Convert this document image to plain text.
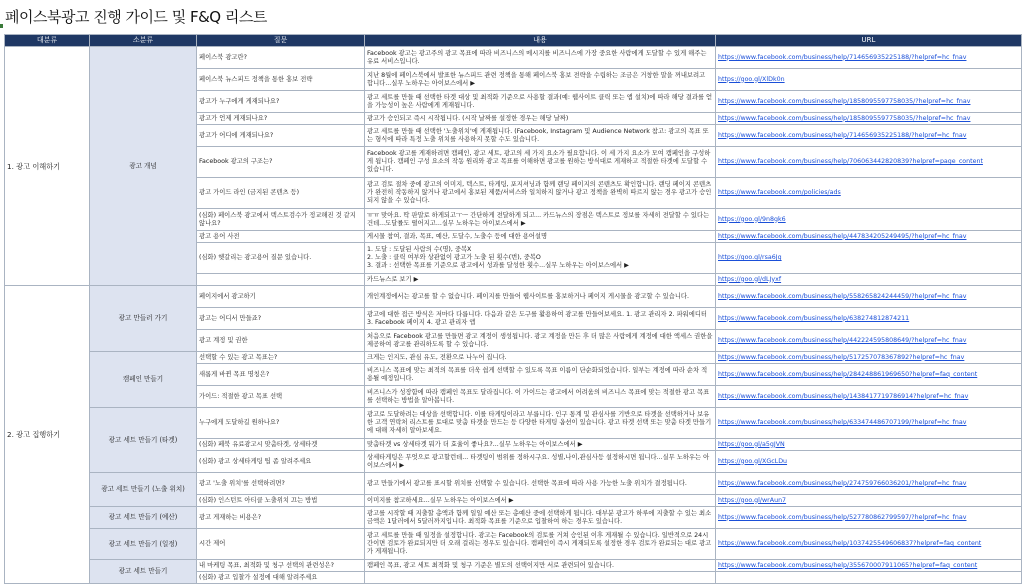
페이스북광고 진행 가이드 및 F&Q 리스트
대분류	소분류	질문	내용	URL
1. 광고 이해하기	광고 개념	페이스북 광고란?	Facebook 광고는 광고주의 광고 목표에 따라 비즈니스의 메시지를 비즈니스에 가장 중요한 사람에게 도달할 수 있게 해주는 유료 서비스입니다.	https://www.facebook.com/business/help/714656935225188/?helpref=hc_fnav
		페이스북 뉴스피드 정책을 통한 홍보 전략	지난 8월에 페이스북에서 발표한 뉴스피드 관련 정책을 통해 페이스북 홍보 전략을 수립하는 조금은 거창한 말을 꺼내보려고 합니다...실무 노하우는 아이보스에서 ▶	https://goo.gl/XlDk0n
		광고가 누구에게 게재되나요?	광고 세트를 만들 때 선택한 타겟 대상 및 최적화 기준으로 사용할 결과(예: 웹사이트 클릭 또는 앱 설치)에 따라 해당 결과를 얻을 가능성이 높은 사람에게 게재됩니다.	https://www.facebook.com/business/help/1858095597758035/?helpref=hc_fnav
		광고가 언제 게재되나요?	광고가 승인되고 즉시 시작됩니다. (시작 날짜를 설정한 경우는 해당 날짜)	https://www.facebook.com/business/help/1858095597758035/?helpref=hc_fnav
		광고가 어디에 게재되나요?	광고 세트를 만들 때 선택한 '노출위치'에 게재됩니다. (Facebook, Instagram 및 Audience Network 참고: 광고의 목표 또는 형식에 따라 특정 노출 위치를 사용하지 못할 수도 있습니다.	https://www.facebook.com/business/help/714656935225188/?helpref=hc_fnav
		Facebook 광고의 구조는?	Facebook 광고를 게재하려면 캠페인, 광고 세트, 광고의 세 가지 요소가 필요합니다. 이 세 가지 요소가 모여 캠페인을 구성하게 됩니다. 캠페인 구성 요소의 작동 원리와 광고 목표를 이해하면 광고를 원하는 방식대로 게재하고 적절한 타겟에 도달할 수 있습니다.	https://www.facebook.com/business/help/706063442820839?helpref=page_content
		광고 가이드 라인 (금지된 콘텐츠 등)	광고 검토 절차 중에 광고의 이미지, 텍스트, 타게팅, 포지셔닝과 함께 랜딩 페이지의 콘텐츠도 확인합니다. 랜딩 페이지 콘텐츠가 완전히 작동하지 않거나 광고에서 홍보된 제품/서비스와 일치하지 않거나 광고 정책을 완벽히 따르지 않는 경우 광고가 승인되지 않을 수 있습니다.	https://www.facebook.com/policies/ads
		(심화) 페이스북 광고에서 텍스트검수가 정교해진 것 같지 않나요?	ㅠㅠ 맞아요. 딱 판말로 하게되고ㅜㅡ 간단하게 전달하게 되고... 카드뉴스의 장점은 텍스트로 정보를 자세히 전달할 수 있다는 건데...도달률도 떨어지고...실무 노하우는 아이보스에서 ▶	https://goo.gl/9n8gk6
		광고 용어 사전	게시물 참여, 결과, 목표, 예산, 도달수, 노출수 등에 대한 용어설명	https://www.facebook.com/business/help/447834205249495/?helpref=hc_fnav
		(심화) 헷갈리는 광고용어 질문 있습니다.	1. 도달 : 도달된 사람의 수(명), 중복X
2. 노출 : 클릭 여부와 상관없이 광고가 노출 된 횟수(번), 중복O
3. 결과 : 선택한 목표를 기준으로 광고에서 성과를 달성한 횟수...실무 노하우는 아이보스에서 ▶	https://goo.gl/rsa6Jg
			카드뉴스로 보기 ▶	https://goo.gl/dLJyxf
2. 광고 집행하기	광고 만들러 가기	페이지에서 광고하기	개인계정에서는 광고를 할 수 없습니다. 페이지를 만들어 웹사이트를 홍보하거나 페이지 게시물을 광고할 수 있습니다.	https://www.facebook.com/business/help/558265824244459/?helpref=hc_fnav
		광고는 어디서 만들죠?	광고에 대한 접근 방식은 저마다 다릅니다. 다음과 같은 도구를 활용하여 광고를 만들어보세요. 1. 광고 관리자 2. 파워에디터 3. Facebook 페이지 4. 광고 관리자 앱	https://www.facebook.com/business/help/638274812874211
		광고 계정 및 권한	처음으로 Facebook 광고를 만들면 광고 계정이 생성됩니다. 광고 계정을 만든 후 더 많은 사람에게 계정에 대한 액세스 권한을 제공하여 광고를 관리하도록 할 수 있습니다.	https://www.facebook.com/business/help/442224595808649/?helpref=hc_fnav
	캠페인 만들기	선택할 수 있는 광고 목표는?	크게는 인지도, 관심 유도, 전환으로 나누어 집니다.	https://www.facebook.com/business/help/517257078367892?helpref=hc_fnav
		새롭게 바뀐 목표 명칭은?	비즈니스 목표에 맞는 최적의 목표를 더욱 쉽게 선택할 수 있도록 목표 이름이 단순화되었습니다. 일부는 계정에 따라 순차 적용될 예정입니다.	https://www.facebook.com/business/help/284248861969650?helpref=faq_content
		가이드: 적절한 광고 목표 선택	비즈니스가 성장함에 따라 캠페인 목표도 달라집니다. 이 가이드는 광고에서 어려움의 비즈니스 목표에 맞는 적절한 광고 목표를 선택하는 방법을 알아봅니다.	https://www.facebook.com/business/help/1438417719786914?helpref=hc_fnav
	광고 세트 만들기 (타겟)	누구에게 도달하길 원하나요?	광고로 도달하려는 대상을 선택합니다. 이를 타게팅이라고 부릅니다. 인구 통계 및 관심사를 기반으로 타겟을 선택하거나 보유한 고객 연락처 리스트를 토대로 맞춤 타겟을 만드는 등 다양한 타게팅 옵션이 있습니다. 광고 타겟 선택 또는 맞춤 타겟 만들기에 대해 자세히 알아보세요.	https://www.facebook.com/business/help/633474486707199/?helpref=hc_fnav
		(심화) 페북 유료광고시 맞춤타겟, 상세타겟	맞춤타겟 vs 상세타겟 뭐가 더 효율이 좋나요?...실무 노하우는 아이보스에서 ▶	https://goo.gl/a5gJVN
		(심화) 광고 상세타게팅 팁 좀 알려주세요	상세타게팅은 무엇으로 광고할런데... 타겟팅이 범위를 정하시구요. 성별,나이,관심사등 설정하시면 됩니다...실무 노하우는 아이보스에서 ▶	https://goo.gl/XGcLDu
	광고 세트 만들기 (노출 위치)	광고 '노출 위치'를 선택하려면?	광고 만들기에서 광고를 표시할 위치를 선택할 수 있습니다. 선택한 목표에 따라 사용 가능한 노출 위치가 결정됩니다.	https://www.facebook.com/business/help/274759766036201/?helpref=hc_fnav
		(심화) 인스턴트 아티클 노출위치 끄는 방법	이미지를 참고하세요...실무 노하우는 아이보스에서 ▶	https://goo.gl/wrAun7
	광고 세트 만들기 (예산)	광고 게재하는 비용은?	광고를 시작할 때 지출할 총액과 함께 일일 예산 또는 총예산 중에 선택하게 됩니다. 대부분 광고가 하루에 지출할 수 있는 최소 금액은 1달러에서 5달러까지입니다. 최적화 목표를 기준으로 입찰하여 하는 경우도 있습니다.	https://www.facebook.com/business/help/527780862799597/?helpref=hc_fnav
	광고 세트 만들기 (일정)	시간 제어	광고 세트를 만들 때 일정을 설정합니다. 광고는 Facebook의 검토를 거쳐 승인된 이후 게재될 수 있습니다. 일반적으로 24시간이면 검토가 완료되지만 더 오래 걸리는 경우도 있습니다. 캠페인이 즉시 게재되도록 설정한 경우 검토가 완료되는 대로 광고가 게재됩니다.	https://www.facebook.com/business/help/1037425549606837?helpref=faq_content
	광고 세트 만들기	내 마케팅 목표, 최적화 및 청구 선택의 관련성은?	캠페인 목표, 광고 세트 최적화 및 청구 기준은 별도의 선택이지만 서로 관련되어 있습니다.	https://www.facebook.com/business/help/355670007911065?helpref=faq_content
		(심화) 광고 입찰가 설정에 대해 알려주세요		
